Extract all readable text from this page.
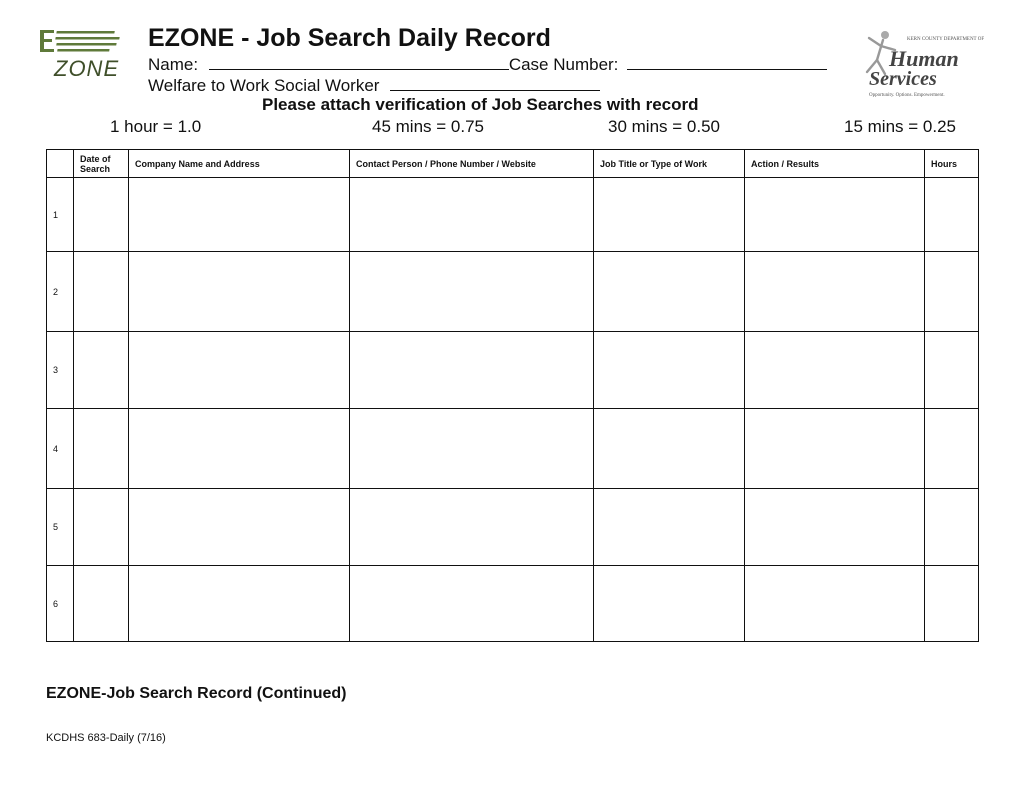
ZONE
EZONE - Job Search Daily Record
Name:	Case Number:
Welfare to Work Social Worker
KERN COUNTY DEPARTMENT OF
Human
Services
Opportunity. Options. Empowerment.
Please attach verification of Job Searches with record
1 hour = 1.0	45 mins = 0.75	30 mins = 0.50	15 mins = 0.25
	Date of Search	Company Name and Address	Contact Person / Phone Number / Website	Job Title or Type of Work	Action / Results	Hours
1						
2						
3						
4						
5						
6						
EZONE-Job Search Record (Continued)
KCDHS 683-Daily (7/16)
